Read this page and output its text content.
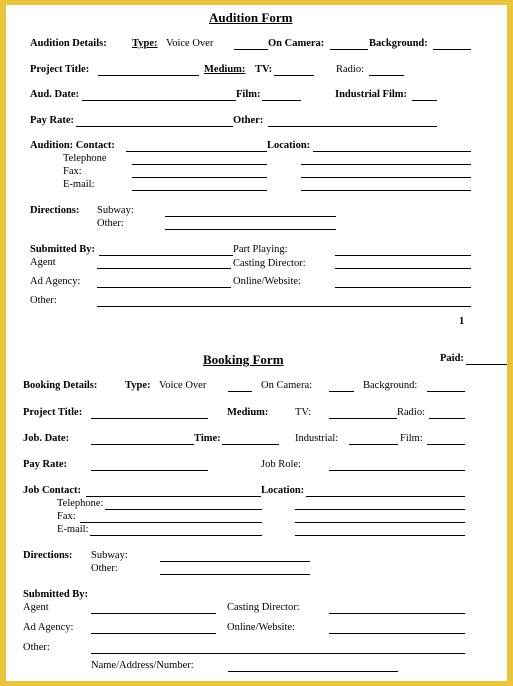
Audition Form
Audition Details: Type: Voice Over	On Camera:	Background:
Project Title:	Medium: TV:	Radio:
Aud. Date:	Film:	Industrial Film:
Pay Rate:	Other:
Audition: Contact:	Location:
Telephone
Fax:
E-mail:
Directions: Subway:
Other:
Submitted By:	Part Playing:
Agent	Casting Director:
Ad Agency:	Online/Website:
Other:
1
Booking Form	Paid:
Booking Details:	Type: Voice Over	On Camera:	Background:
Project Title:	Medium:	TV:	Radio:
Job. Date:	Time:	Industrial:	Film:
Pay Rate:	Job Role:
Job Contact:	Location:
Telephone:
Fax:
E-mail:
Directions: Subway:
Other:
Submitted By:
Agent	Casting Director:
Ad Agency:	Online/Website:
Other:
Name/Address/Number:
